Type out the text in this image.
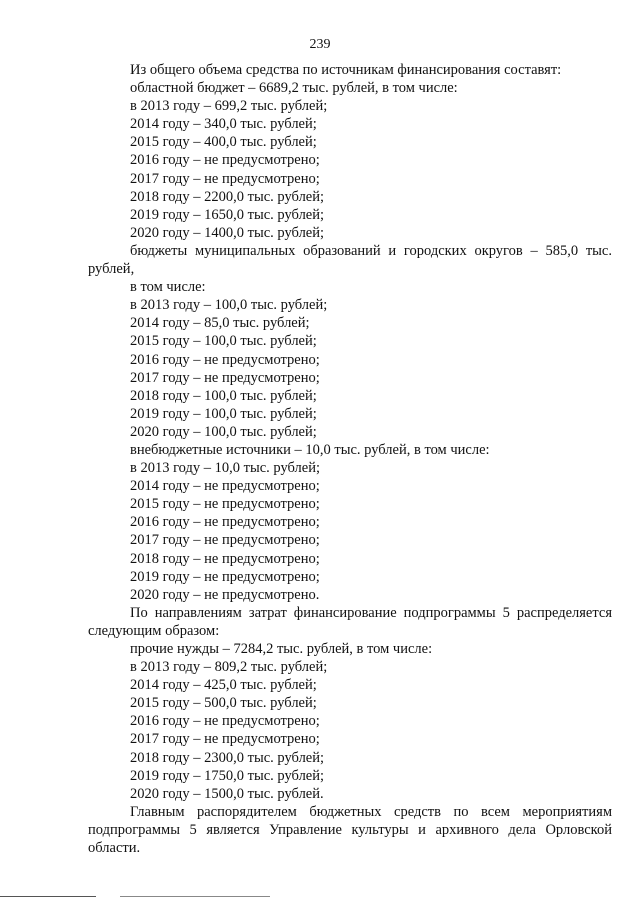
239
Из общего объема средства по источникам финансирования составят:
областной бюджет – 6689,2 тыс. рублей, в том числе:
в 2013 году – 699,2 тыс. рублей;
2014 году – 340,0 тыс. рублей;
2015 году – 400,0 тыс. рублей;
2016 году – не предусмотрено;
2017 году – не предусмотрено;
2018 году – 2200,0 тыс. рублей;
2019 году – 1650,0 тыс. рублей;
2020 году – 1400,0 тыс. рублей;
бюджеты муниципальных образований и городских округов – 585,0 тыс. рублей,
в том числе:
в 2013 году – 100,0 тыс. рублей;
2014 году – 85,0 тыс. рублей;
2015 году – 100,0 тыс. рублей;
2016 году – не предусмотрено;
2017 году – не предусмотрено;
2018 году – 100,0 тыс. рублей;
2019 году – 100,0 тыс. рублей;
2020 году – 100,0 тыс. рублей;
внебюджетные источники – 10,0 тыс. рублей, в том числе:
в 2013 году – 10,0 тыс. рублей;
2014 году – не предусмотрено;
2015 году – не предусмотрено;
2016 году – не предусмотрено;
2017 году – не предусмотрено;
2018 году – не предусмотрено;
2019 году – не предусмотрено;
2020 году – не предусмотрено.
По направлениям затрат финансирование подпрограммы 5 распределяется следующим образом:
прочие нужды – 7284,2 тыс. рублей, в том числе:
в 2013 году – 809,2 тыс. рублей;
2014 году – 425,0 тыс. рублей;
2015 году – 500,0 тыс. рублей;
2016 году – не предусмотрено;
2017 году – не предусмотрено;
2018 году – 2300,0 тыс. рублей;
2019 году – 1750,0 тыс. рублей;
2020 году – 1500,0 тыс. рублей.
Главным распорядителем бюджетных средств по всем мероприятиям подпрограммы 5 является Управление культуры и архивного дела Орловской области.
